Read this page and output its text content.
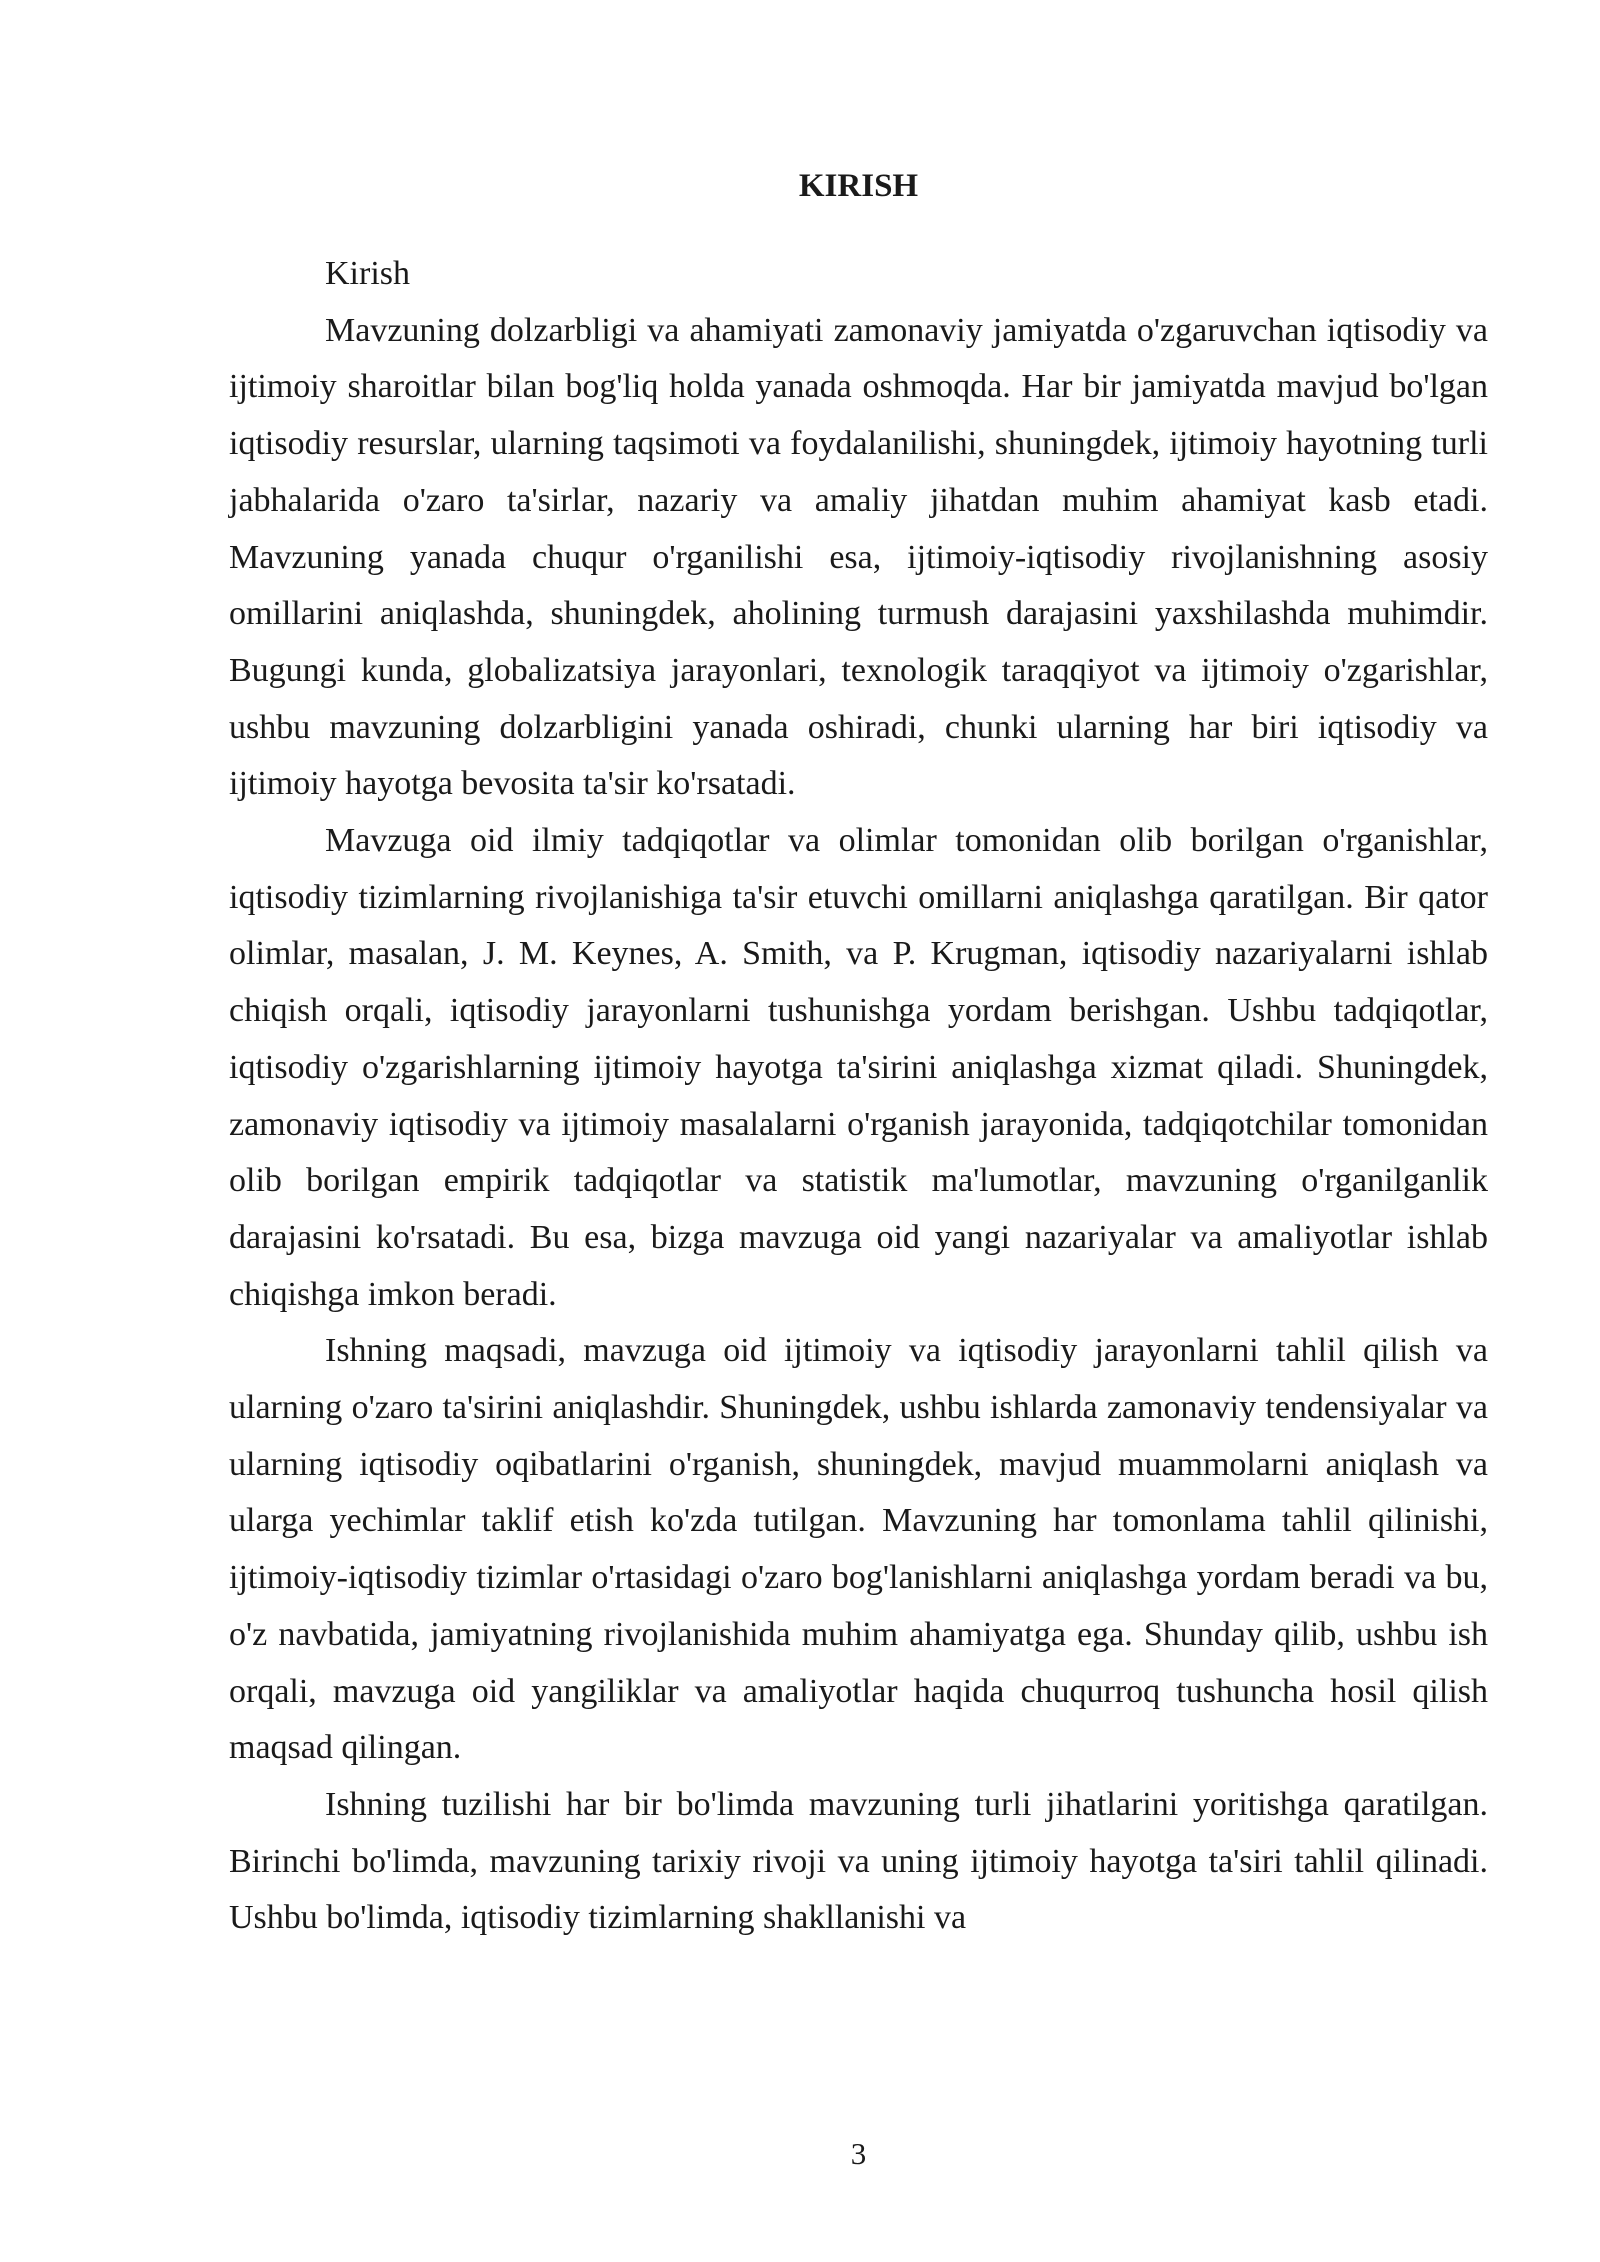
KIRISH

Kirish

Mavzuning dolzarbligi va ahamiyati zamonaviy jamiyatda o'zgaruvchan iqtisodiy va ijtimoiy sharoitlar bilan bog'liq holda yanada oshmoqda. Har bir jamiyatda mavjud bo'lgan iqtisodiy resurslar, ularning taqsimoti va foydalanilishi, shuningdek, ijtimoiy hayotning turli jabhalarida o'zaro ta'sirlar, nazariy va amaliy jihatdan muhim ahamiyat kasb etadi. Mavzuning yanada chuqur o'rganilishi esa, ijtimoiy-iqtisodiy rivojlanishning asosiy omillarini aniqlashda, shuningdek, aholining turmush darajasini yaxshilashda muhimdir. Bugungi kunda, globalizatsiya jarayonlari, texnologik taraqqiyot va ijtimoiy o'zgarishlar, ushbu mavzuning dolzarbligini yanada oshiradi, chunki ularning har biri iqtisodiy va ijtimoiy hayotga bevosita ta'sir ko'rsatadi.

Mavzuga oid ilmiy tadqiqotlar va olimlar tomonidan olib borilgan o'rganishlar, iqtisodiy tizimlarning rivojlanishiga ta'sir etuvchi omillarni aniqlashga qaratilgan. Bir qator olimlar, masalan, J. M. Keynes, A. Smith, va P. Krugman, iqtisodiy nazariyalarni ishlab chiqish orqali, iqtisodiy jarayonlarni tushunishga yordam berishgan. Ushbu tadqiqotlar, iqtisodiy o'zgarishlarning ijtimoiy hayotga ta'sirini aniqlashga xizmat qiladi. Shuningdek, zamonaviy iqtisodiy va ijtimoiy masalalarni o'rganish jarayonida, tadqiqotchilar tomonidan olib borilgan empirik tadqiqotlar va statistik ma'lumotlar, mavzuning o'rganilganlik darajasini ko'rsatadi. Bu esa, bizga mavzuga oid yangi nazariyalar va amaliyotlar ishlab chiqishga imkon beradi.

Ishning maqsadi, mavzuga oid ijtimoiy va iqtisodiy jarayonlarni tahlil qilish va ularning o'zaro ta'sirini aniqlashdir. Shuningdek, ushbu ishlarda zamonaviy tendensiyalar va ularning iqtisodiy oqibatlarini o'rganish, shuningdek, mavjud muammolarni aniqlash va ularga yechimlar taklif etish ko'zda tutilgan. Mavzuning har tomonlama tahlil qilinishi, ijtimoiy-iqtisodiy tizimlar o'rtasidagi o'zaro bog'lanishlarni aniqlashga yordam beradi va bu, o'z navbatida, jamiyatning rivojlanishida muhim ahamiyatga ega. Shunday qilib, ushbu ish orqali, mavzuga oid yangiliklar va amaliyotlar haqida chuqurroq tushuncha hosil qilish maqsad qilingan.

Ishning tuzilishi har bir bo'limda mavzuning turli jihatlarini yoritishga qaratilgan. Birinchi bo'limda, mavzuning tarixiy rivoji va uning ijtimoiy hayotga ta'siri tahlil qilinadi. Ushbu bo'limda, iqtisodiy tizimlarning shakllanishi va

3
